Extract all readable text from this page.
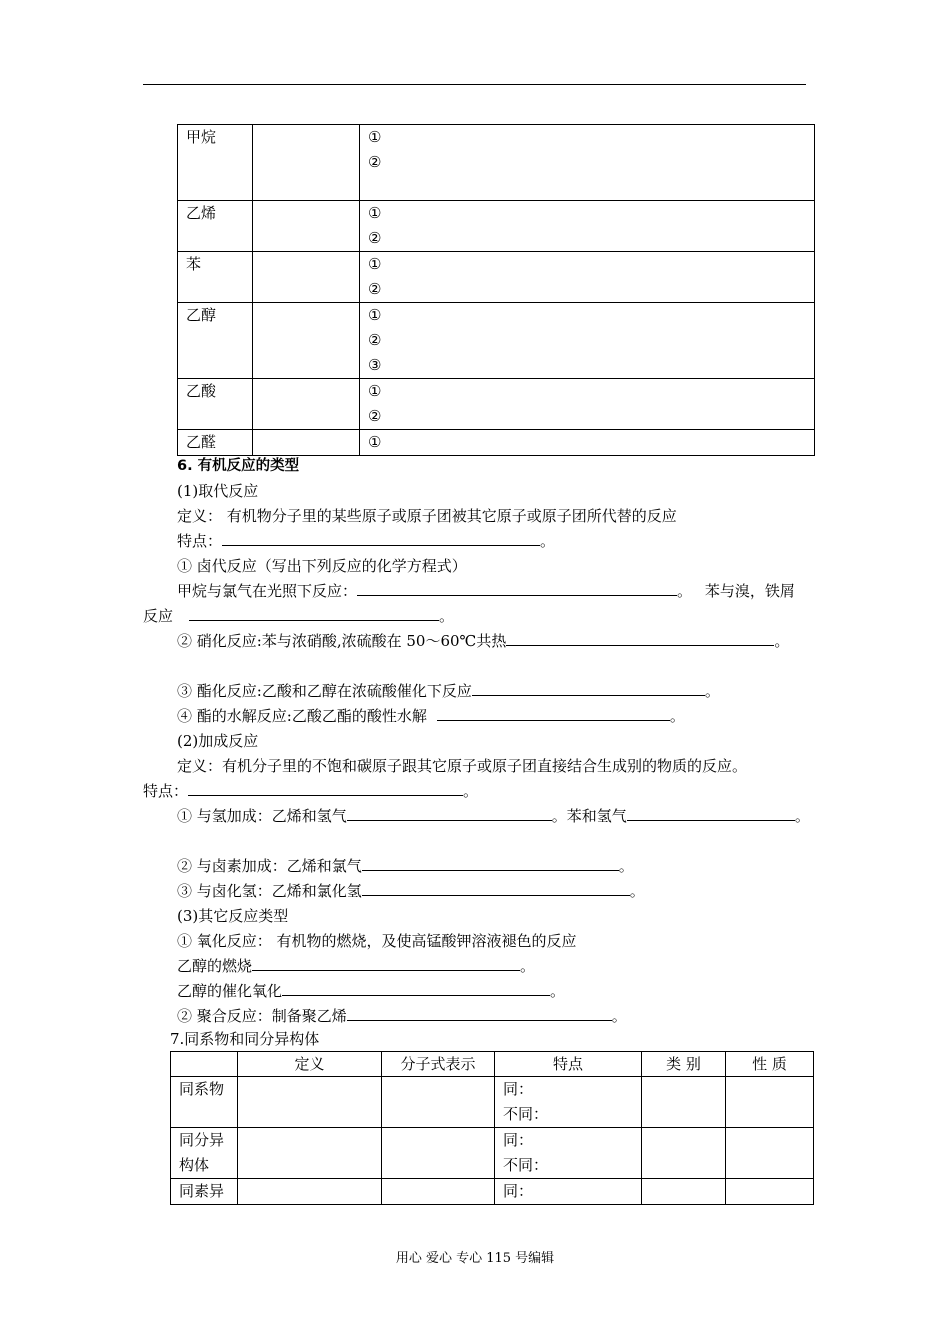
甲烷		①
②

乙烯		①
②

苯		①
②

乙醇		①
②
③

乙酸		①
②

乙醛		①
6. 有机反应的类型
(1)取代反应
定义： 有机物分子里的某些原子或原子团被其它原子或原子团所代替的反应
特点：	。
① 卤代反应（写出下列反应的化学方程式）
甲烷与氯气在光照下反应：	。 苯与溴，铁屑
反应	。
② 硝化反应:苯与浓硝酸,浓硫酸在 50～60℃共热	。
③ 酯化反应:乙酸和乙醇在浓硫酸催化下反应	。
④ 酯的水解反应:乙酸乙酯的酸性水解	。
(2)加成反应
定义：有机分子里的不饱和碳原子跟其它原子或原子团直接结合生成别的物质的反应。
特点：	。
① 与氢加成：乙烯和氢气	。苯和氢气	。
② 与卤素加成：乙烯和氯气	。
③ 与卤化氢：乙烯和氯化氢	。
(3)其它反应类型
① 氧化反应： 有机物的燃烧，及使高锰酸钾溶液褪色的反应
乙醇的燃烧	。
乙醇的催化氧化	。
② 聚合反应：制备聚乙烯	。
7.同系物和同分异构体
	定义	分子式表示	特点	类 别	性 质

同系物			同：
不同：		

同分异
构体			同：
不同：		

同素异			同：		

用心 爱心 专心 115 号编辑
